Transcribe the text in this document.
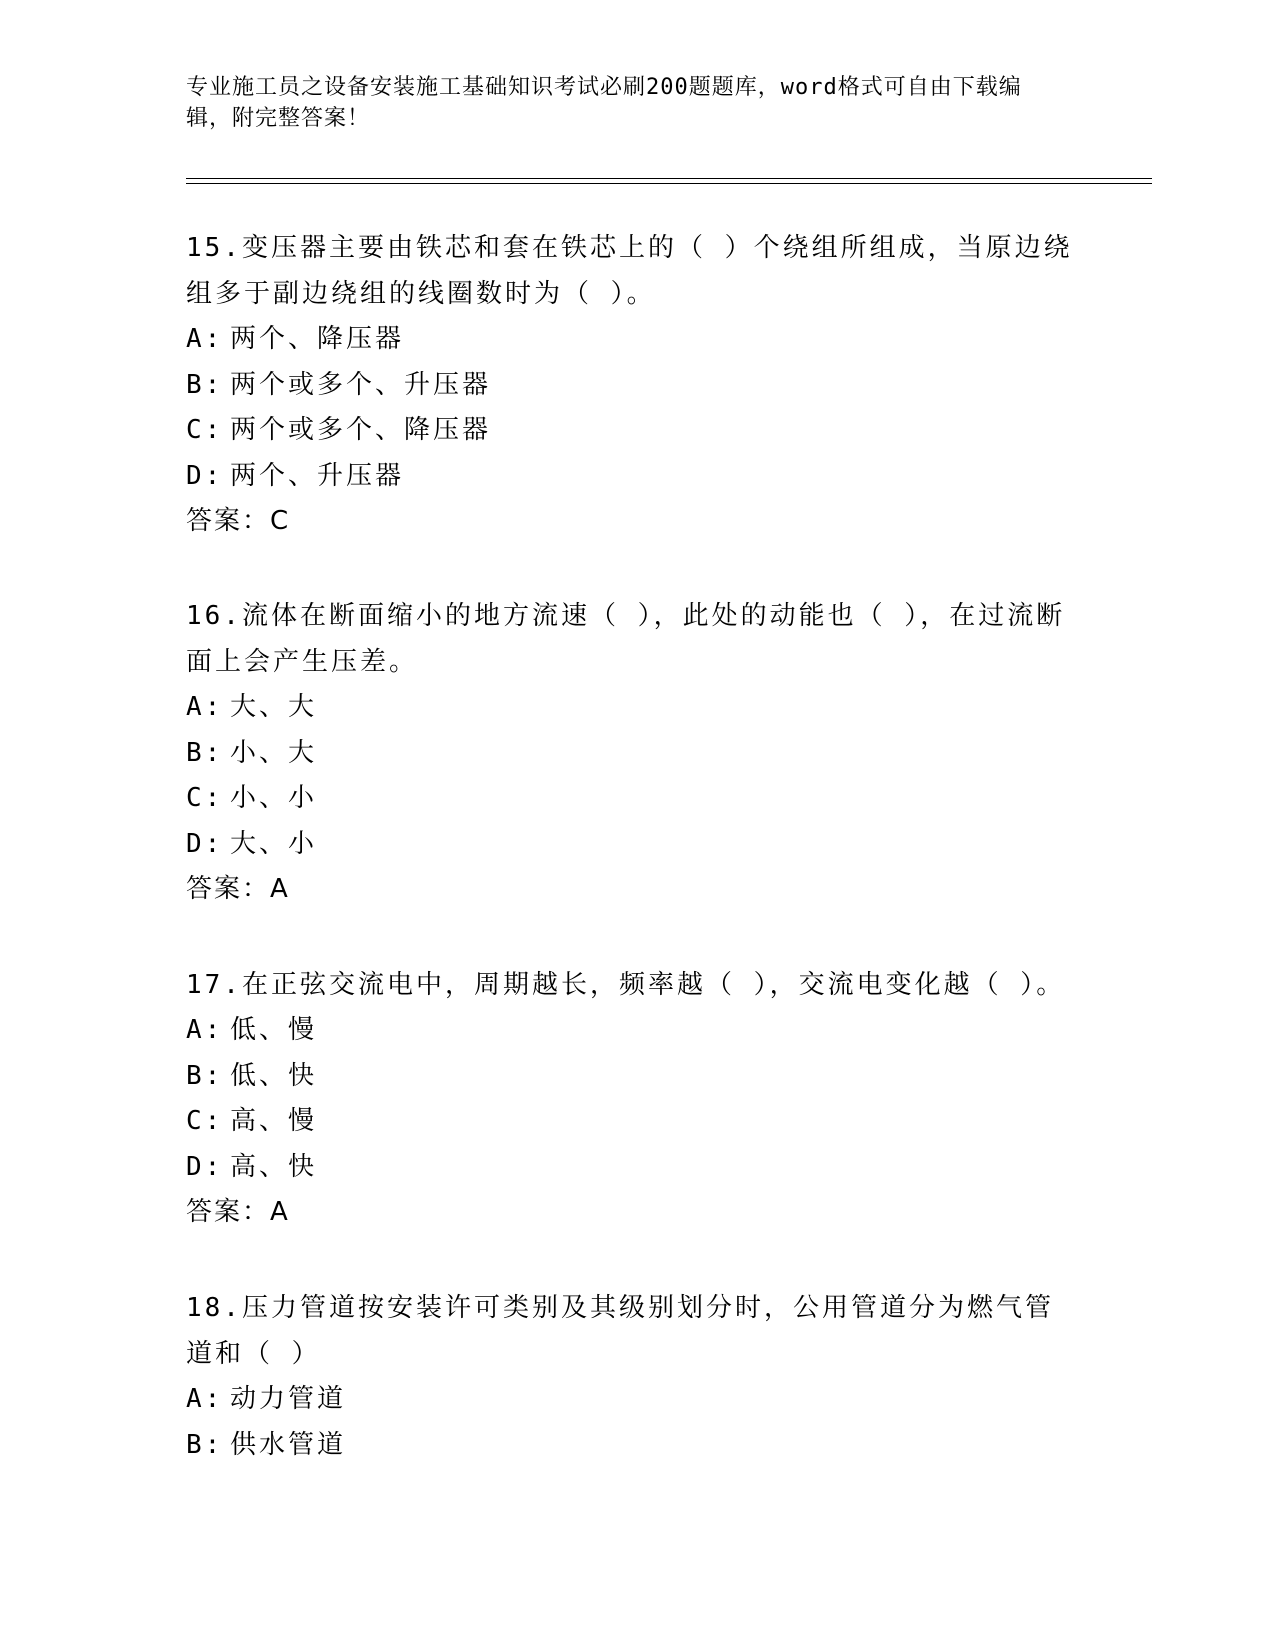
专业施工员之设备安装施工基础知识考试必刷200题题库，word格式可自由下载编辑，附完整答案！
15.变压器主要由铁芯和套在铁芯上的（ ）个绕组所组成，当原边绕组多于副边绕组的线圈数时为（ ）。
A: 两个、降压器
B: 两个或多个、升压器
C: 两个或多个、降压器
D: 两个、升压器
答案：C
16.流体在断面缩小的地方流速（ ），此处的动能也（ ），在过流断面上会产生压差。
A: 大、大
B: 小、大
C: 小、小
D: 大、小
答案：A
17.在正弦交流电中，周期越长，频率越（ ），交流电变化越（ ）。
A: 低、慢
B: 低、快
C: 高、慢
D: 高、快
答案：A
18.压力管道按安装许可类别及其级别划分时，公用管道分为燃气管道和（ ）
A: 动力管道
B: 供水管道
